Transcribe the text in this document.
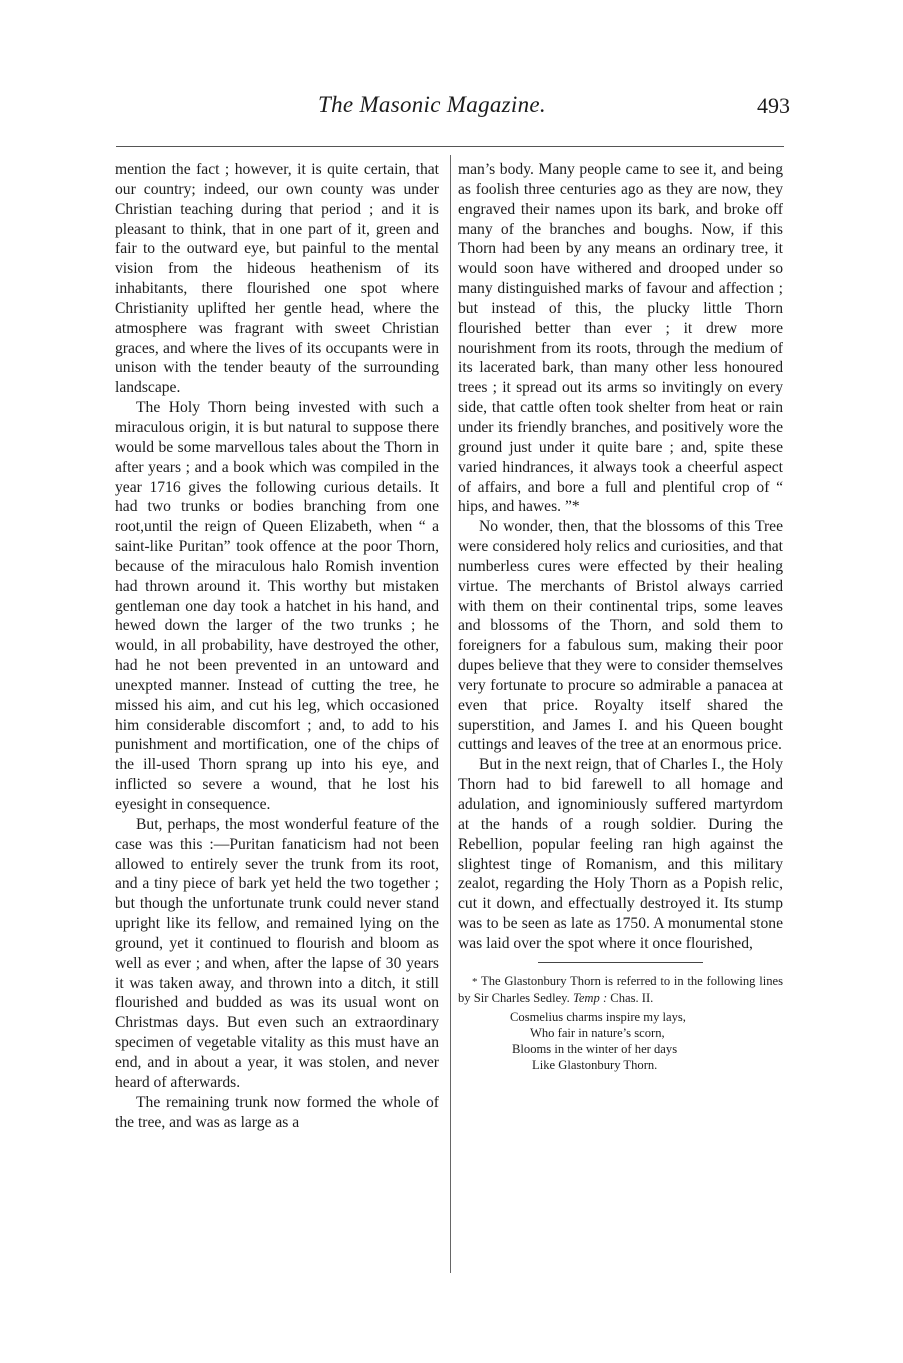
The Masonic Magazine.	493

mention the fact ; however, it is quite certain, that our country; indeed, our own county was under Christian teaching during that period ; and it is pleasant to think, that in one part of it, green and fair to the outward eye, but painful to the mental vision from the hideous heathenism of its inhabitants, there flourished one spot where Christianity uplifted her gentle head, where the atmosphere was fragrant with sweet Christian graces, and where the lives of its occupants were in unison with the tender beauty of the surrounding landscape.

The Holy Thorn being invested with such a miraculous origin, it is but natural to suppose there would be some marvellous tales about the Thorn in after years ; and a book which was compiled in the year 1716 gives the following curious details. It had two trunks or bodies branching from one root,until the reign of Queen Elizabeth, when “ a saint-like Puritan” took offence at the poor Thorn, because of the miraculous halo Romish invention had thrown around it. This worthy but mistaken gentleman one day took a hatchet in his hand, and hewed down the larger of the two trunks ; he would, in all probability, have destroyed the other, had he not been prevented in an untoward and unexpted manner. Instead of cutting the tree, he missed his aim, and cut his leg, which occasioned him considerable discomfort ; and, to add to his punishment and mortification, one of the chips of the ill-used Thorn sprang up into his eye, and inflicted so severe a wound, that he lost his eyesight in consequence.

But, perhaps, the most wonderful feature of the case was this :—Puritan fanaticism had not been allowed to entirely sever the trunk from its root, and a tiny piece of bark yet held the two together ; but though the unfortunate trunk could never stand upright like its fellow, and remained lying on the ground, yet it continued to flourish and bloom as well as ever ; and when, after the lapse of 30 years it was taken away, and thrown into a ditch, it still flourished and budded as was its usual wont on Christmas days. But even such an extraordinary specimen of vegetable vitality as this must have an end, and in about a year, it was stolen, and never heard of afterwards.

The remaining trunk now formed the whole of the tree, and was as large as a

man’s body. Many people came to see it, and being as foolish three centuries ago as they are now, they engraved their names upon its bark, and broke off many of the branches and boughs. Now, if this Thorn had been by any means an ordinary tree, it would soon have withered and drooped under so many distinguished marks of favour and affection ; but instead of this, the plucky little Thorn flourished better than ever ; it drew more nourishment from its roots, through the medium of its lacerated bark, than many other less honoured trees ; it spread out its arms so invitingly on every side, that cattle often took shelter from heat or rain under its friendly branches, and positively wore the ground just under it quite bare ; and, spite these varied hindrances, it always took a cheerful aspect of affairs, and bore a full and plentiful crop of “ hips, and hawes. ”*

No wonder, then, that the blossoms of this Tree were considered holy relics and curiosities, and that numberless cures were effected by their healing virtue. The merchants of Bristol always carried with them on their continental trips, some leaves and blossoms of the Thorn, and sold them to foreigners for a fabulous sum, making their poor dupes believe that they were to consider themselves very fortunate to procure so admirable a panacea at even that price. Royalty itself shared the superstition, and James I. and his Queen bought cuttings and leaves of the tree at an enormous price.

But in the next reign, that of Charles I., the Holy Thorn had to bid farewell to all homage and adulation, and ignominiously suffered martyrdom at the hands of a rough soldier. During the Rebellion, popular feeling ran high against the slightest tinge of Romanism, and this military zealot, regarding the Holy Thorn as a Popish relic, cut it down, and effectually destroyed it. Its stump was to be seen as late as 1750. A monumental stone was laid over the spot where it once flourished,

* The Glastonbury Thorn is referred to in the following lines by Sir Charles Sedley. Temp : Chas. II.

Cosmelius charms inspire my lays,
Who fair in nature’s scorn,
Blooms in the winter of her days
Like Glastonbury Thorn.
